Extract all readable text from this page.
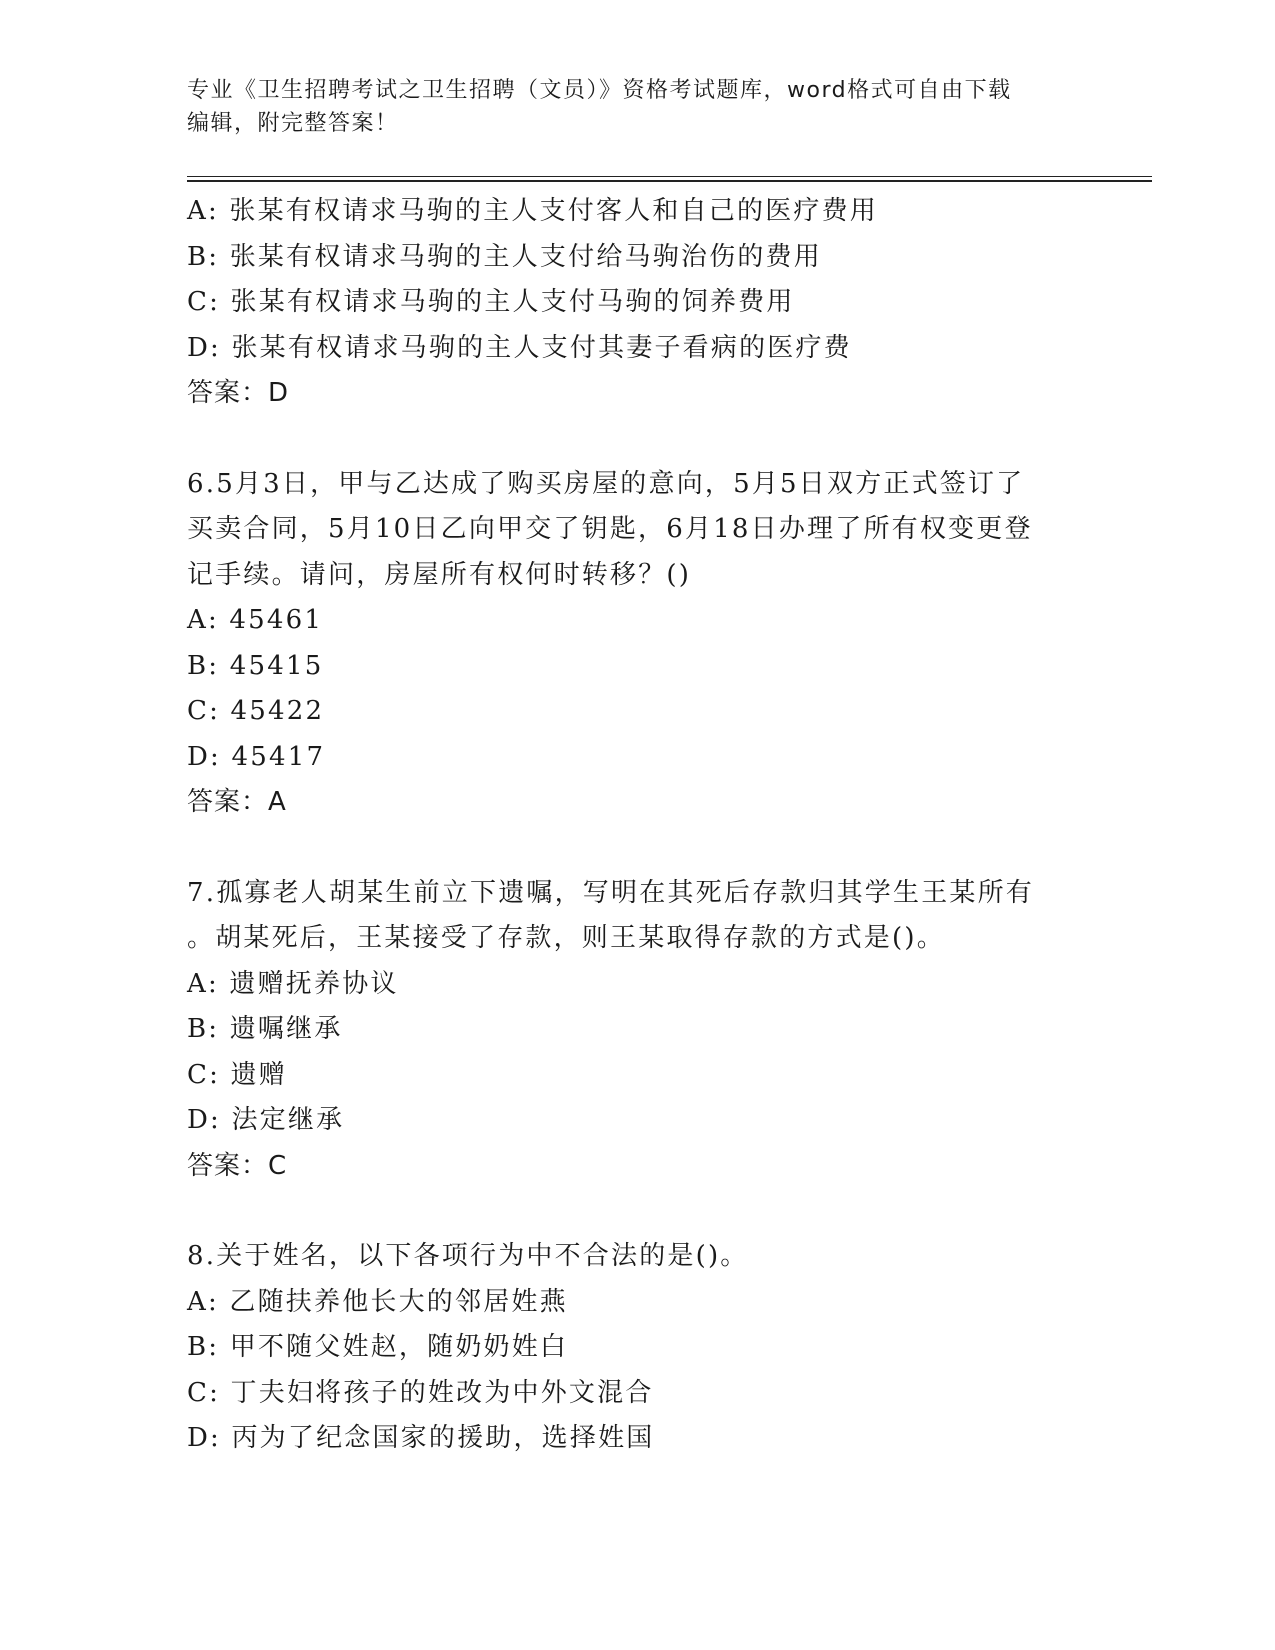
专业《卫生招聘考试之卫生招聘（文员）》资格考试题库，word格式可自由下载
编辑，附完整答案！
A: 张某有权请求马驹的主人支付客人和自己的医疗费用
B: 张某有权请求马驹的主人支付给马驹治伤的费用
C: 张某有权请求马驹的主人支付马驹的饲养费用
D: 张某有权请求马驹的主人支付其妻子看病的医疗费
答案：D
6.5月3日，甲与乙达成了购买房屋的意向，5月5日双方正式签订了
买卖合同，5月10日乙向甲交了钥匙，6月18日办理了所有权变更登
记手续。请问，房屋所有权何时转移？()
A: 45461
B: 45415
C: 45422
D: 45417
答案：A
7.孤寡老人胡某生前立下遗嘱，写明在其死后存款归其学生王某所有
。胡某死后，王某接受了存款，则王某取得存款的方式是()。
A: 遗赠抚养协议
B: 遗嘱继承
C: 遗赠
D: 法定继承
答案：C
8.关于姓名，以下各项行为中不合法的是()。
A: 乙随扶养他长大的邻居姓燕
B: 甲不随父姓赵，随奶奶姓白
C: 丁夫妇将孩子的姓改为中外文混合
D: 丙为了纪念国家的援助，选择姓国
